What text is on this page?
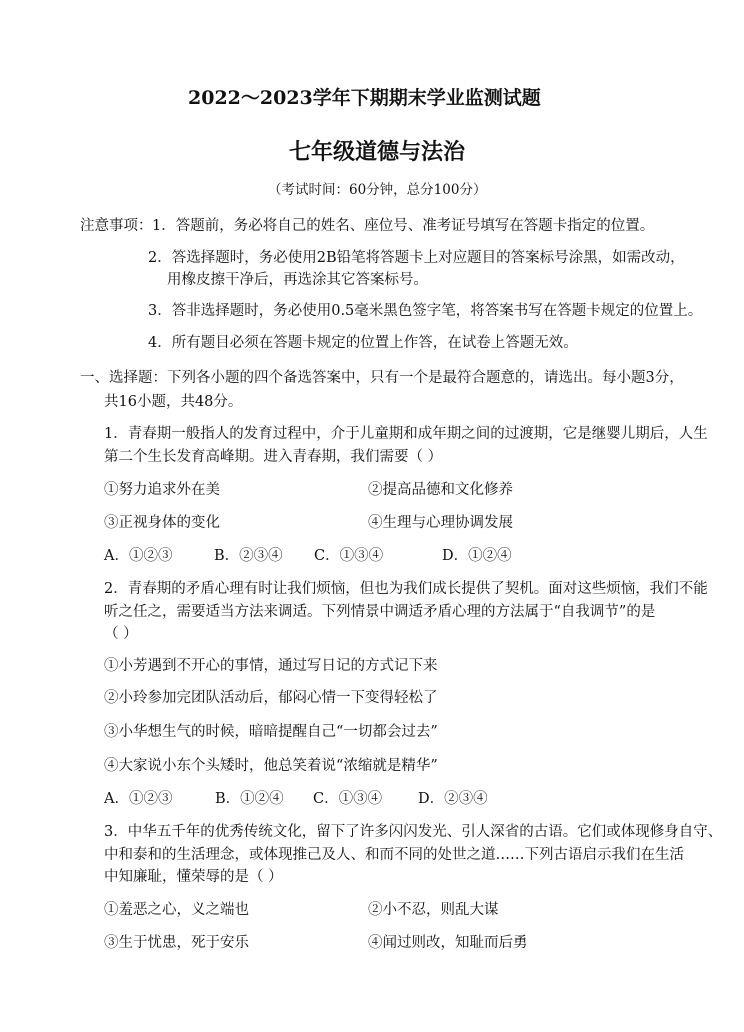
2022～2023学年下期期末学业监测试题
七年级道德与法治
（考试时间：60分钟，总分100分）
注意事项： 1．答题前，务必将自己的姓名、座位号、准考证号填写在答题卡指定的位置。
2．答选择题时，务必使用2B铅笔将答题卡上对应题目的答案标号涂黑，如需改动，
用橡皮擦干净后，再选涂其它答案标号。
3．答非选择题时，务必使用0.5毫米黑色签字笔，将答案书写在答题卡规定的位置上。
4．所有题目必须在答题卡规定的位置上作答，在试卷上答题无效。
一、选择题：下列各小题的四个备选答案中，只有一个是最符合题意的，请选出。每小题3分，
共16小题，共48分。
1．青春期一般指人的发育过程中，介于儿童期和成年期之间的过渡期，它是继婴儿期后，人生
第二个生长发育高峰期。进入青春期，我们需要（ ）
①努力追求外在美	②提高品德和文化修养
③正视身体的变化	④生理与心理协调发展
A．①②③	B．②③④ C．①③④	D．①②④
2．青春期的矛盾心理有时让我们烦恼，但也为我们成长提供了契机。面对这些烦恼，我们不能
听之任之，需要适当方法来调适。下列情景中调适矛盾心理的方法属于“自我调节”的是
（ ）
①小芳遇到不开心的事情，通过写日记的方式记下来
②小玲参加完团队活动后，郁闷心情一下变得轻松了
③小华想生气的时候，暗暗提醒自己“一切都会过去”
④大家说小东个头矮时，他总笑着说“浓缩就是精华”
A．①②③	B．①②④ C．①③④ D．②③④
3．中华五千年的优秀传统文化，留下了许多闪闪发光、引人深省的古语。它们或体现修身自守、
中和泰和的生活理念，或体现推己及人、和而不同的处世之道……下列古语启示我们在生活
中知廉耻，懂荣辱的是（ ）
①羞恶之心，义之端也	②小不忍，则乱大谋
③生于忧患，死于安乐	④闻过则改，知耻而后勇
